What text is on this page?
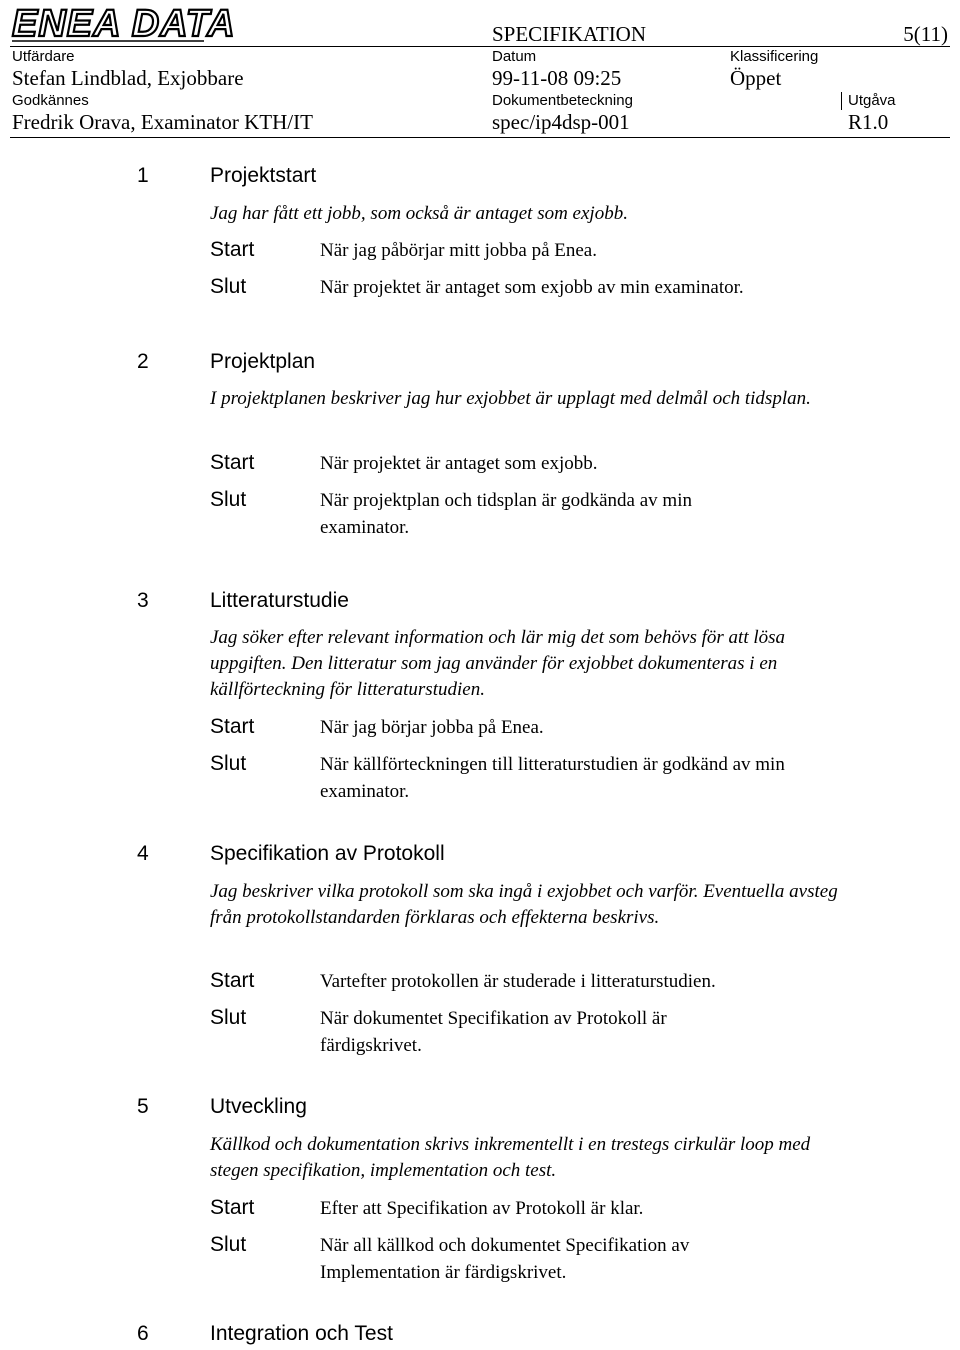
ENEA DATA	SPECIFIKATION	5(11)
Utfärdare
Stefan Lindblad, Exjobbare
Datum
99-11-08 09:25
Klassificering
Öppet
Godkännes
Fredrik Orava, Examinator KTH/IT
Dokumentbeteckning
spec/ip4dsp-001
Utgåva
R1.0
1	Projektstart
Jag har fått ett jobb, som också är antaget som exjobb.
Start	När jag påbörjar mitt jobba på Enea.
Slut	När projektet är antaget som exjobb av min examinator.
2	Projektplan
I projektplanen beskriver jag hur exjobbet är upplagt med delmål och tidsplan.
Start	När projektet är antaget som exjobb.
Slut	När projektplan och tidsplan är godkända av min examinator.
3	Litteraturstudie
Jag söker efter relevant information och lär mig det som behövs för att lösa uppgiften. Den litteratur som jag använder för exjobbet dokumenteras i en källförteckning för litteraturstudien.
Start	När jag börjar jobba på Enea.
Slut	När källförteckningen till litteraturstudien är godkänd av min examinator.
4	Specifikation av Protokoll
Jag beskriver vilka protokoll som ska ingå i exjobbet och varför. Eventuella avsteg från protokollstandarden förklaras och effekterna beskrivs.
Start	Vartefter protokollen är studerade i litteraturstudien.
Slut	När dokumentet Specifikation av Protokoll är färdigskrivet.
5	Utveckling
Källkod och dokumentation skrivs inkrementellt i en trestegs cirkulär loop med stegen specifikation, implementation och test.
Start	Efter att Specifikation av Protokoll är klar.
Slut	När all källkod och dokumentet Specifikation av Implementation är färdigskrivet.
6	Integration och Test
